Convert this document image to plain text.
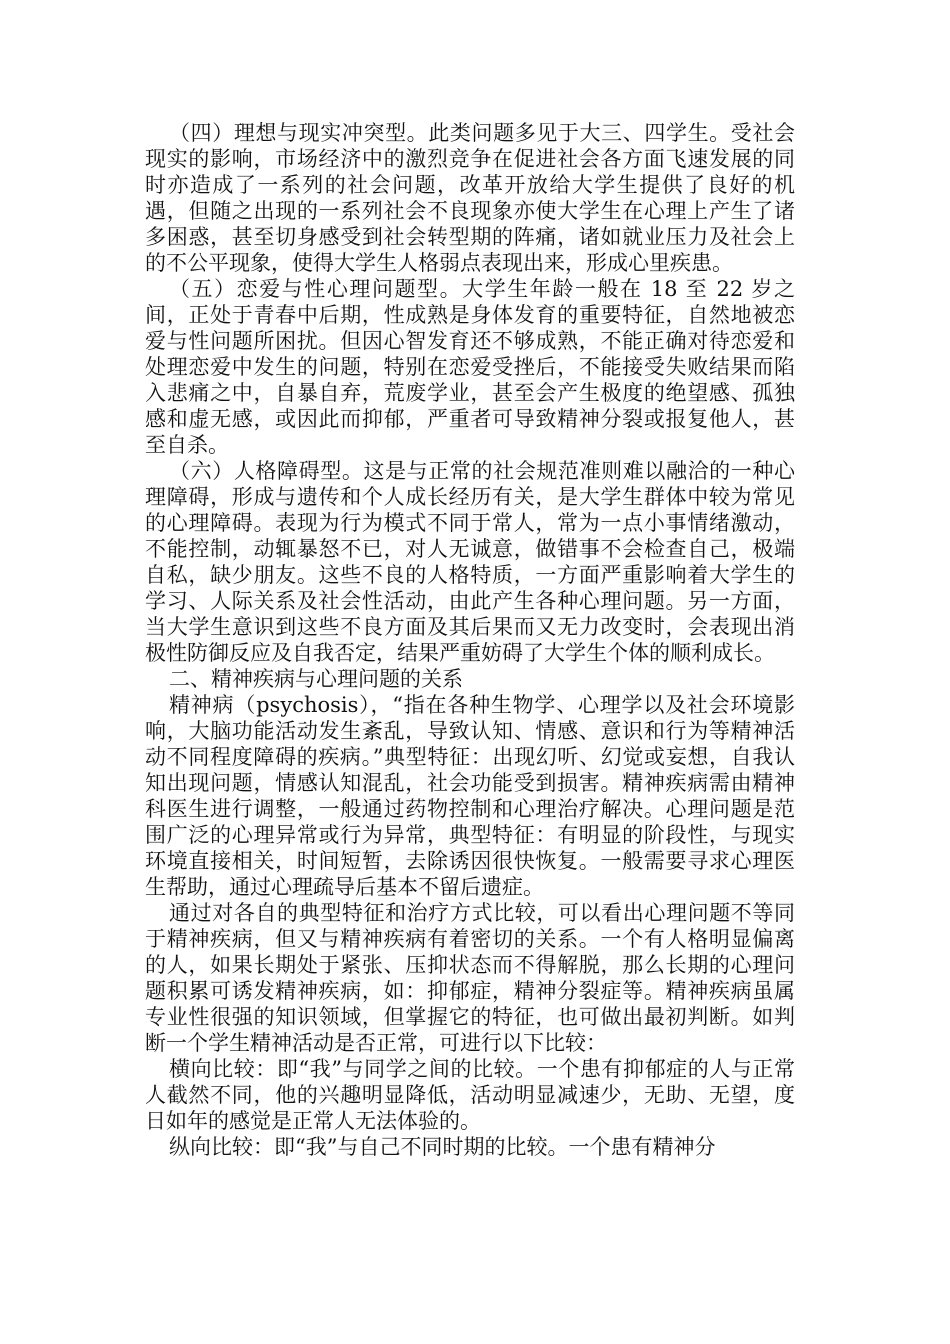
（四）理想与现实冲突型。此类问题多见于大三、四学生。受社会现实的影响，市场经济中的激烈竞争在促进社会各方面飞速发展的同时亦造成了一系列的社会问题，改革开放给大学生提供了良好的机遇，但随之出现的一系列社会不良现象亦使大学生在心理上产生了诸多困惑，甚至切身感受到社会转型期的阵痛，诸如就业压力及社会上的不公平现象，使得大学生人格弱点表现出来，形成心里疾患。

（五）恋爱与性心理问题型。大学生年龄一般在 18 至 22 岁之间，正处于青春中后期，性成熟是身体发育的重要特征，自然地被恋爱与性问题所困扰。但因心智发育还不够成熟，不能正确对待恋爱和处理恋爱中发生的问题，特别在恋爱受挫后，不能接受失败结果而陷入悲痛之中，自暴自弃，荒废学业，甚至会产生极度的绝望感、孤独感和虚无感，或因此而抑郁，严重者可导致精神分裂或报复他人，甚至自杀。

（六）人格障碍型。这是与正常的社会规范准则难以融洽的一种心理障碍，形成与遗传和个人成长经历有关，是大学生群体中较为常见的心理障碍。表现为行为模式不同于常人，常为一点小事情绪激动，不能控制，动辄暴怒不已，对人无诚意，做错事不会检查自己，极端自私，缺少朋友。这些不良的人格特质，一方面严重影响着大学生的学习、人际关系及社会性活动，由此产生各种心理问题。另一方面，当大学生意识到这些不良方面及其后果而又无力改变时，会表现出消极性防御反应及自我否定，结果严重妨碍了大学生个体的顺利成长。

二、精神疾病与心理问题的关系

精神病（psychosis），“指在各种生物学、心理学以及社会环境影响，大脑功能活动发生紊乱，导致认知、情感、意识和行为等精神活动不同程度障碍的疾病。”典型特征：出现幻听、幻觉或妄想，自我认知出现问题，情感认知混乱，社会功能受到损害。精神疾病需由精神科医生进行调整，一般通过药物控制和心理治疗解决。心理问题是范围广泛的心理异常或行为异常，典型特征：有明显的阶段性，与现实环境直接相关，时间短暂，去除诱因很快恢复。一般需要寻求心理医生帮助，通过心理疏导后基本不留后遗症。

通过对各自的典型特征和治疗方式比较，可以看出心理问题不等同于精神疾病，但又与精神疾病有着密切的关系。一个有人格明显偏离的人，如果长期处于紧张、压抑状态而不得解脱，那么长期的心理问题积累可诱发精神疾病，如：抑郁症，精神分裂症等。精神疾病虽属专业性很强的知识领域，但掌握它的特征，也可做出最初判断。如判断一个学生精神活动是否正常，可进行以下比较：

横向比较：即“我”与同学之间的比较。一个患有抑郁症的人与正常人截然不同，他的兴趣明显降低，活动明显减速少，无助、无望，度日如年的感觉是正常人无法体验的。

纵向比较：即“我”与自己不同时期的比较。一个患有精神分
